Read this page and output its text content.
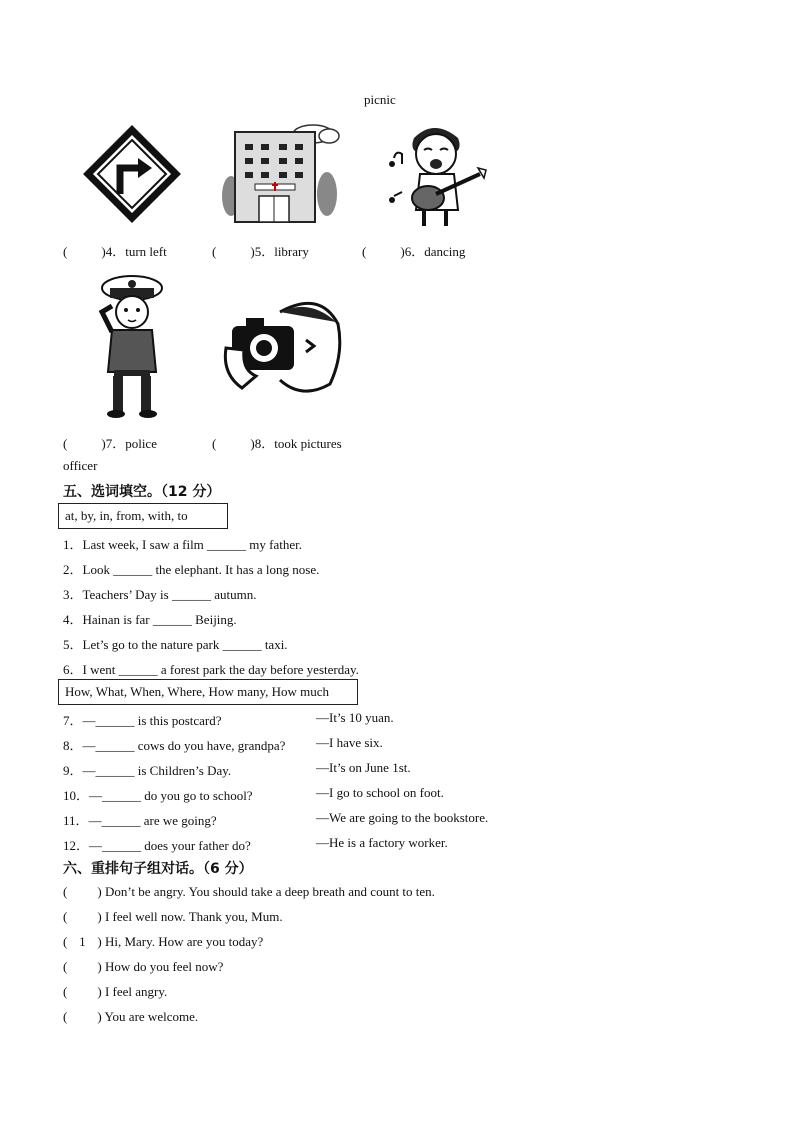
picnic
(	)4．turn left	(	)5．library	(	)6．dancing
(	)7．police	(	)8．took pictures
officer
五、选词填空。（12 分）
at, by, in, from, with, to
1．Last week, I saw a film ______ my father.
2．Look ______ the elephant. It has a long nose.
3．Teachers’ Day is ______ autumn.
4．Hainan is far ______ Beijing.
5．Let’s go to the nature park ______ taxi.
6．I went ______ a forest park the day before yesterday.
How, What, When, Where, How many, How much
7．—______ is this postcard?	—It’s 10 yuan.
8．—______ cows do you have, grandpa? —I have six.
9．—______ is Children’s Day.	—It’s on June 1st.
10．—______ do you go to school?	—I go to school on foot.
11．—______ are we going?	—We are going to the bookstore.
12．—______ does your father do?	—He is a factory worker.
六、重排句子组对话。（6 分）
( ) Don’t be angry. You should take a deep breath and count to ten.
( ) I feel well now. Thank you, Mum.
( 1 ) Hi, Mary. How are you today?
( ) How do you feel now?
( ) I feel angry.
( ) You are welcome.
